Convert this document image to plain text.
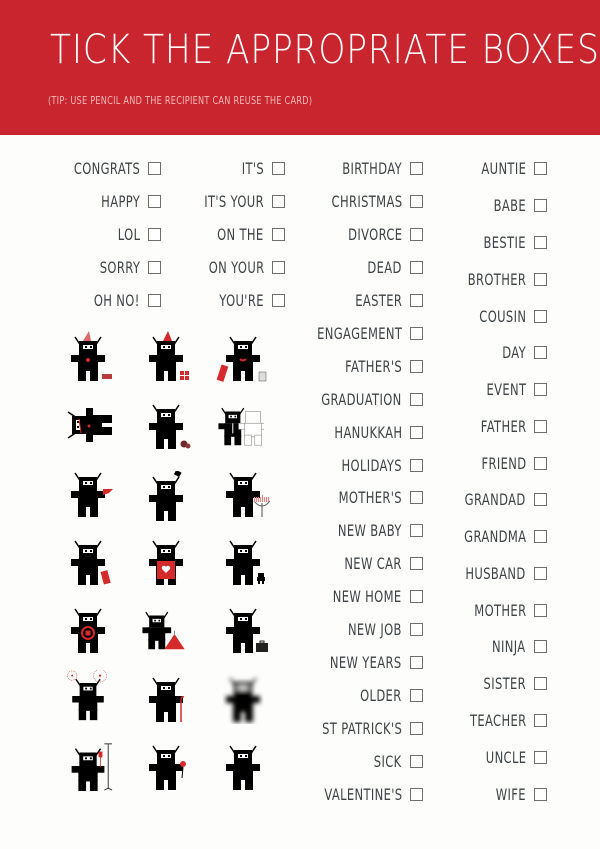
TICK THE APPROPRIATE BOXES
(TIP: USE PENCIL AND THE RECIPIENT CAN REUSE THE CARD)
CONGRATS
HAPPY
LOL
SORRY
OH NO!
IT'S
IT'S YOUR
ON THE
ON YOUR
YOU'RE
BIRTHDAY
CHRISTMAS
DIVORCE
DEAD
EASTER
ENGAGEMENT
FATHER'S
GRADUATION
HANUKKAH
HOLIDAYS
MOTHER'S
NEW BABY
NEW CAR
NEW HOME
NEW JOB
NEW YEARS
OLDER
ST PATRICK'S
SICK
VALENTINE'S
AUNTIE
BABE
BESTIE
BROTHER
COUSIN
DAY
EVENT
FATHER
FRIEND
GRANDAD
GRANDMA
HUSBAND
MOTHER
NINJA
SISTER
TEACHER
UNCLE
WIFE
